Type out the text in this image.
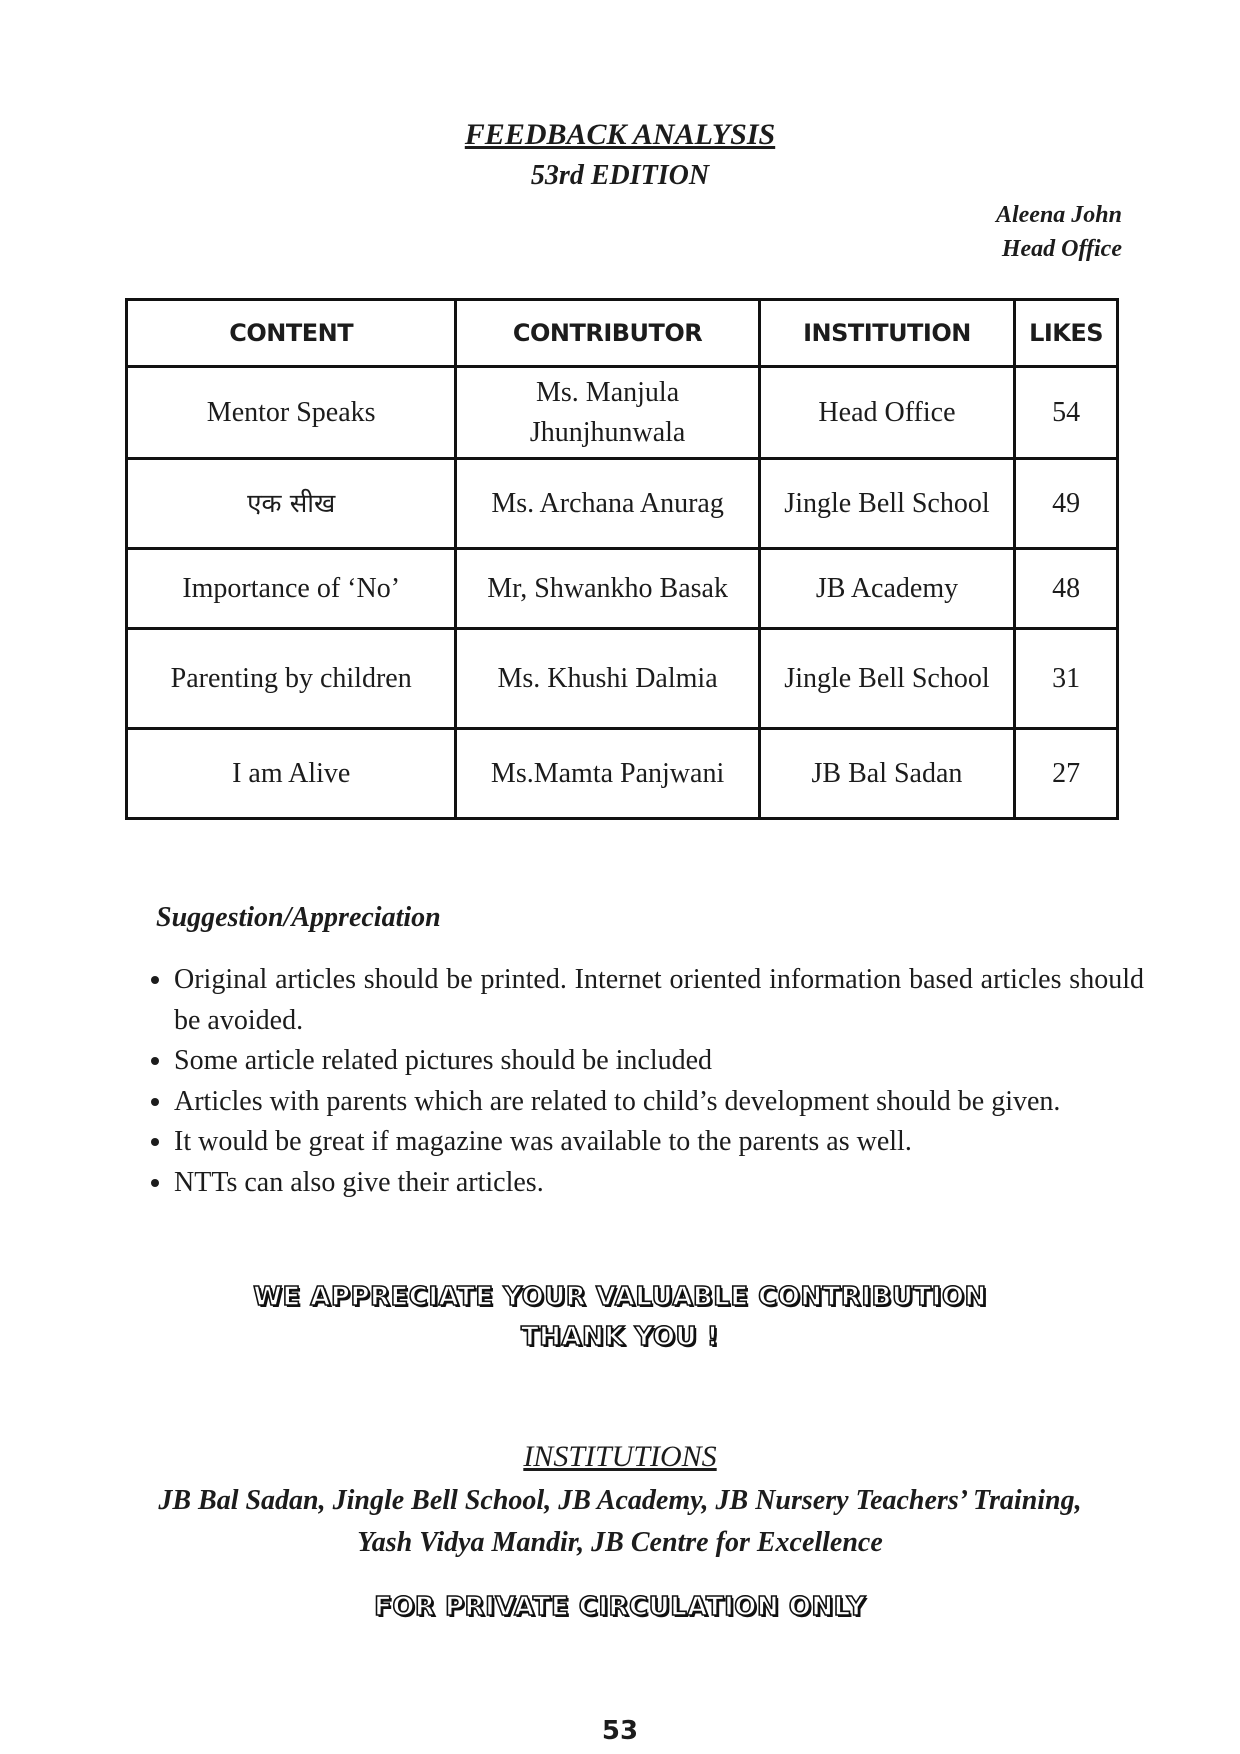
FEEDBACK ANALYSIS
53rd EDITION
Aleena John
Head Office
CONTENT	CONTRIBUTOR	INSTITUTION	LIKES
Mentor Speaks	Ms. Manjula Jhunjhunwala	Head Office	54
एक सीख	Ms. Archana Anurag	Jingle Bell School	49
Importance of ‘No’	Mr, Shwankho Basak	JB Academy	48
Parenting by children	Ms. Khushi Dalmia	Jingle Bell School	31
I am Alive	Ms.Mamta Panjwani	JB Bal Sadan	27
Suggestion/Appreciation
• Original articles should be printed. Internet oriented information based articles should be avoided.
• Some article related pictures should be included
• Articles with parents which are related to child’s development should be given.
• It would be great if magazine was available to the parents as well.
• NTTs can also give their articles.
WE APPRECIATE YOUR VALUABLE CONTRIBUTION
THANK YOU !
INSTITUTIONS
JB Bal Sadan, Jingle Bell School, JB Academy, JB Nursery Teachers’ Training,
Yash Vidya Mandir, JB Centre for Excellence
FOR PRIVATE CIRCULATION ONLY
53
